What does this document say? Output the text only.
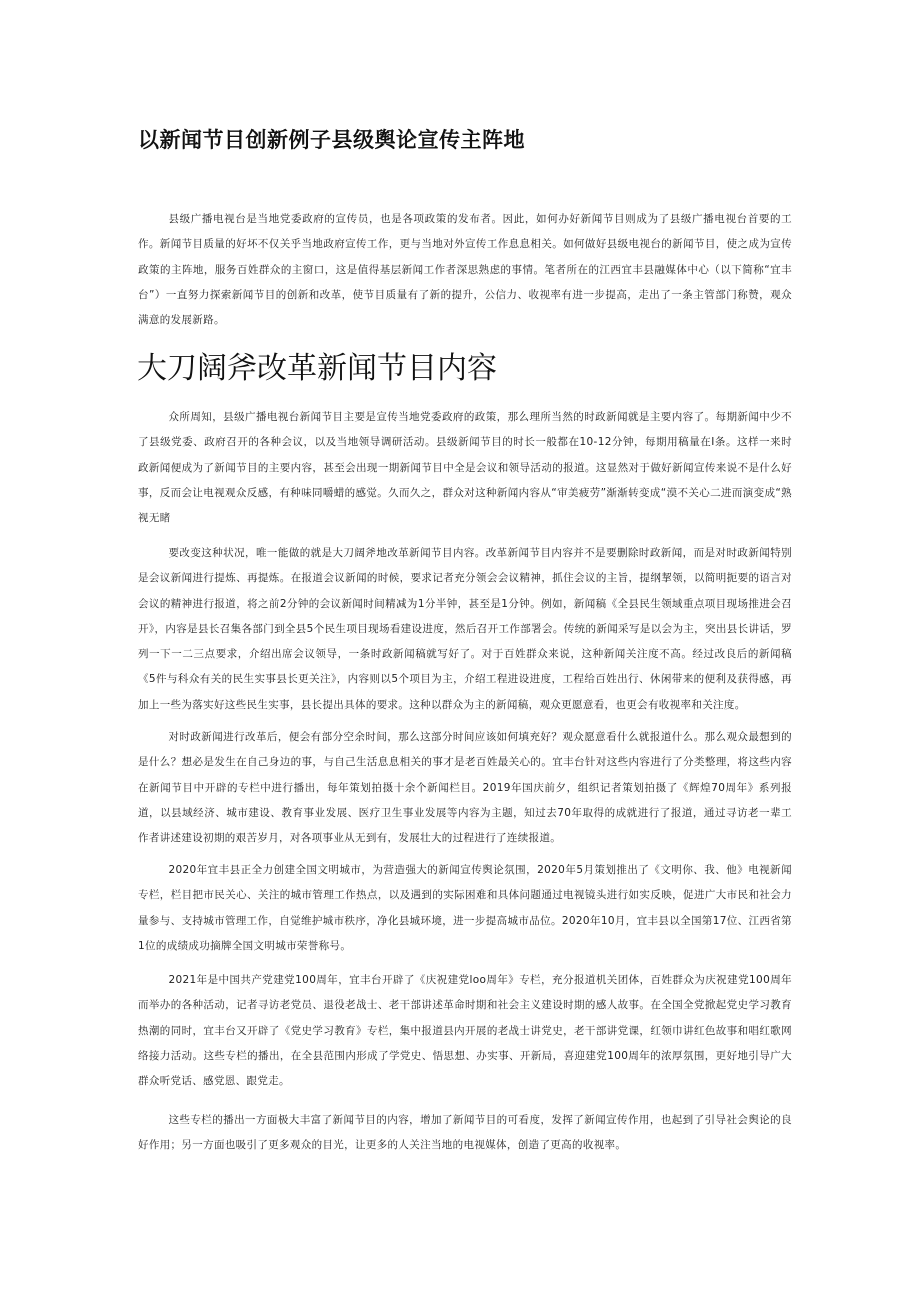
以新闻节目创新例子县级舆论宣传主阵地

县级广播电视台是当地党委政府的宣传员，也是各项政策的发布者。因此，如何办好新闻节目则成为了县级广播电视台首要的工作。新闻节目质量的好坏不仅关乎当地政府宣传工作，更与当地对外宣传工作息息相关。如何做好县级电视台的新闻节目，使之成为宣传政策的主阵地，服务百姓群众的主窗口，这是值得基层新闻工作者深思熟虑的事情。笔者所在的江西宜丰县融媒体中心（以下简称“宜丰台”）一直努力探索新闻节目的创新和改革，使节目质量有了新的提升，公信力、收视率有进一步提高，走出了一条主管部门称赞，观众满意的发展新路。

大刀阔斧改革新闻节目内容

众所周知，县级广播电视台新闻节目主要是宣传当地党委政府的政策，那么理所当然的时政新闻就是主要内容了。每期新闻中少不了县级党委、政府召开的各种会议，以及当地领导调研活动。县级新闻节目的时长一般都在10-12分钟，每期用稿量在I条。这样一来时政新闻便成为了新闻节目的主要内容，甚至会出现一期新闻节目中全是会议和领导活动的报道。这显然对于做好新闻宣传来说不是什么好事，反而会让电视观众反感，有种味同嚼蜡的感觉。久而久之，群众对这种新闻内容从“审美疲劳”渐渐转变成“漠不关心二进而演变成“熟视无睹

要改变这种状况，唯一能做的就是大刀阔斧地改革新闻节目内容。改革新闻节目内容并不是要删除时政新闻，而是对时政新闻特别是会议新闻进行提炼、再提炼。在报道会议新闻的时候，要求记者充分领会会议精神，抓住会议的主旨，提纲挈领，以简明扼要的语言对会议的精神进行报道，将之前2分钟的会议新闻时间精减为1分半钟，甚至是1分钟。例如，新闻稿《全县民生领域重点项目现场推进会召开》，内容是县长召集各部门到全县5个民生项目现场看建设进度，然后召开工作部署会。传统的新闻采写是以会为主，突出县长讲话，罗列一下一二三点要求，介绍出席会议领导，一条时政新闻稿就写好了。对于百姓群众来说，这种新闻关注度不高。经过改良后的新闻稿《5件与科众有关的民生实事县长更关注》，内容则以5个项目为主，介绍工程进设进度，工程给百姓出行、休闲带来的便利及获得感，再加上一些为落实好这些民生实事，县长提出具体的要求。这种以群众为主的新闻稿，观众更愿意看，也更会有收视率和关注度。

对时政新闻进行改革后，便会有部分空余时间，那么这部分时间应该如何填充好？观众愿意看什么就报道什么。那么观众最想到的是什么？想必是发生在自己身边的事，与自己生活息息相关的事才是老百姓最关心的。宜丰台针对这些内容进行了分类整理，将这些内容在新闻节目中开辟的专栏中进行播出，每年策划拍摄十余个新闻栏目。2019年国庆前夕，组织记者策划拍摄了《辉煌70周年》系列报道，以县域经济、城市建设、教育事业发展、医疗卫生事业发展等内容为主题，知过去70年取得的成就进行了报道，通过寻访老一辈工作者讲述建设初期的艰苦岁月，对各项事业从无到有，发展壮大的过程进行了连续报道。

2020年宜丰县正全力创建全国文明城市，为营造强大的新闻宣传舆论氛围，2020年5月策划推出了《文明你、我、他》电视新闻专栏，栏目把市民关心、关注的城市管理工作热点，以及遇到的实际困难和具体问题通过电视镜头进行如实反映，促进广大市民和社会力量参与、支持城市管理工作，自觉维护城市秩序，净化县城环境，进一步提高城市品位。2020年10月，宜丰县以全国第17位、江西省第1位的成绩成功摘牌全国文明城市荣誉称号。

2021年是中国共产党建党100周年，宜丰台开辟了《庆祝建党loo周年》专栏，充分报道机关团体，百姓群众为庆祝建党100周年而举办的各种活动，记者寻访老党员、退役老战士、老干部讲述革命时期和社会主义建设时期的感人故事。在全国全党掀起党史学习教育热潮的同时，宜丰台又开辟了《党史学习教育》专栏，集中报道县内开展的老战士讲党史，老干部讲党课，红领巾讲红色故事和唱红歌网络接力活动。这些专栏的播出，在全县范围内形成了学党史、悟思想、办实事、开新局，喜迎建党100周年的浓厚氛围，更好地引导广大群众听党话、感党恩、跟党走。

这些专栏的播出一方面极大丰富了新闻节目的内容，增加了新闻节目的可看度，发挥了新闻宣传作用，也起到了引导社会舆论的良好作用；另一方面也吸引了更多观众的目光，让更多的人关注当地的电视媒体，创造了更高的收视率。
